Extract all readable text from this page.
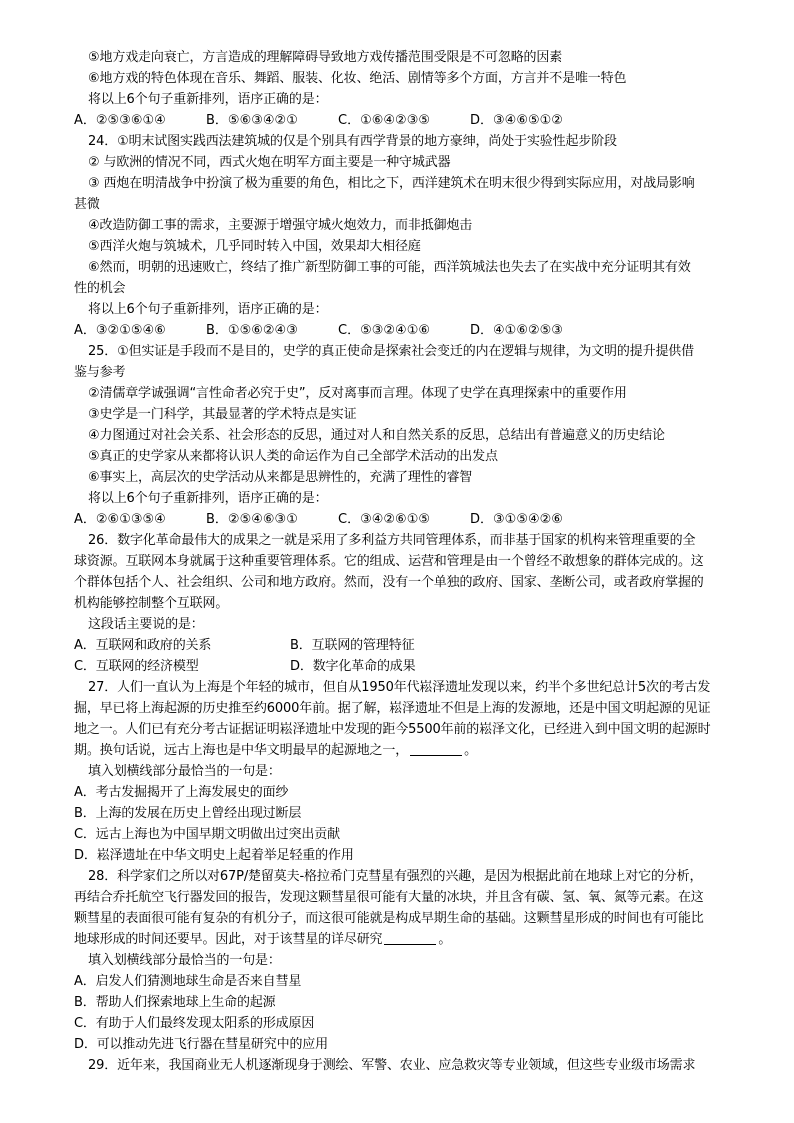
⑤地方戏走向衰亡，方言造成的理解障碍导致地方戏传播范围受限是不可忽略的因素
⑥地方戏的特色体现在音乐、舞蹈、服装、化妆、绝活、剧情等多个方面，方言并不是唯一特色
将以上6个句子重新排列，语序正确的是：
A．②⑤③⑥①④	B．⑤⑥③④②①	C．①⑥④②③⑤	D．③④⑥⑤①②
24．①明末试图实践西法建筑城的仅是个别具有西学背景的地方豪绅，尚处于实验性起步阶段
② 与欧洲的情况不同，西式火炮在明军方面主要是一种守城武器
③ 西炮在明清战争中扮演了极为重要的角色，相比之下，西洋建筑术在明末很少得到实际应用，对战局影响
甚微
④改造防御工事的需求，主要源于增强守城火炮效力，而非抵御炮击
⑤西洋火炮与筑城术，几乎同时转入中国，效果却大相径庭
⑥然而，明朝的迅速败亡，终结了推广新型防御工事的可能，西洋筑城法也失去了在实战中充分证明其有效
性的机会
将以上6个句子重新排列，语序正确的是：
A．③②①⑤④⑥	B．①⑤⑥②④③	C．⑤③②④①⑥	D．④①⑥②⑤③
25．①但实证是手段而不是目的，史学的真正使命是探索社会变迁的内在逻辑与规律，为文明的提升提供借
鉴与参考
②清儒章学诚强调“言性命者必究于史”，反对离事而言理。体现了史学在真理探索中的重要作用
③史学是一门科学，其最显著的学术特点是实证
④力图通过对社会关系、社会形态的反思，通过对人和自然关系的反思，总结出有普遍意义的历史结论
⑤真正的史学家从来都将认识人类的命运作为自己全部学术活动的出发点
⑥事实上，高层次的史学活动从来都是思辨性的，充满了理性的睿智
将以上6个句子重新排列，语序正确的是：
A．②⑥①③⑤④	B．②⑤④⑥③①	C．③④②⑥①⑤	D．③①⑤④②⑥
26．数字化革命最伟大的成果之一就是采用了多利益方共同管理体系，而非基于国家的机构来管理重要的全
球资源。互联网本身就属于这种重要管理体系。它的组成、运营和管理是由一个曾经不敢想象的群体完成的。这
个群体包括个人、社会组织、公司和地方政府。然而，没有一个单独的政府、国家、垄断公司，或者政府掌握的
机构能够控制整个互联网。
这段话主要说的是：
A．互联网和政府的关系	B．互联网的管理特征
C．互联网的经济模型	D．数字化革命的成果
27．人们一直认为上海是个年轻的城市，但自从1950年代崧泽遗址发现以来，约半个多世纪总计5次的考古发
掘，早已将上海起源的历史推至约6000年前。据了解，崧泽遗址不但是上海的发源地，还是中国文明起源的见证
地之一。人们已有充分考古证据证明崧泽遗址中发现的距今5500年前的崧泽文化，已经进入到中国文明的起源时
期。换句话说，远古上海也是中华文明最早的起源地之一，	。
填入划横线部分最恰当的一句是：
A．考古发掘揭开了上海发展史的面纱
B．上海的发展在历史上曾经出现过断层
C．远古上海也为中国早期文明做出过突出贡献
D．崧泽遗址在中华文明史上起着举足轻重的作用
28．科学家们之所以对67P/楚留莫夫-格拉希门克彗星有强烈的兴趣，是因为根据此前在地球上对它的分析，
再结合乔托航空飞行器发回的报告，发现这颗彗星很可能有大量的冰块，并且含有碳、氢、氧、氮等元素。在这
颗彗星的表面很可能有复杂的有机分子，而这很可能就是构成早期生命的基础。这颗彗星形成的时间也有可能比
地球形成的时间还要早。因此，对于该彗星的详尽研究	。
填入划横线部分最恰当的一句是：
A．启发人们猜测地球生命是否来自彗星
B．帮助人们探索地球上生命的起源
C．有助于人们最终发现太阳系的形成原因
D．可以推动先进飞行器在彗星研究中的应用
29．近年来，我国商业无人机逐渐现身于测绘、军警、农业、应急救灾等专业领域，但这些专业级市场需求
